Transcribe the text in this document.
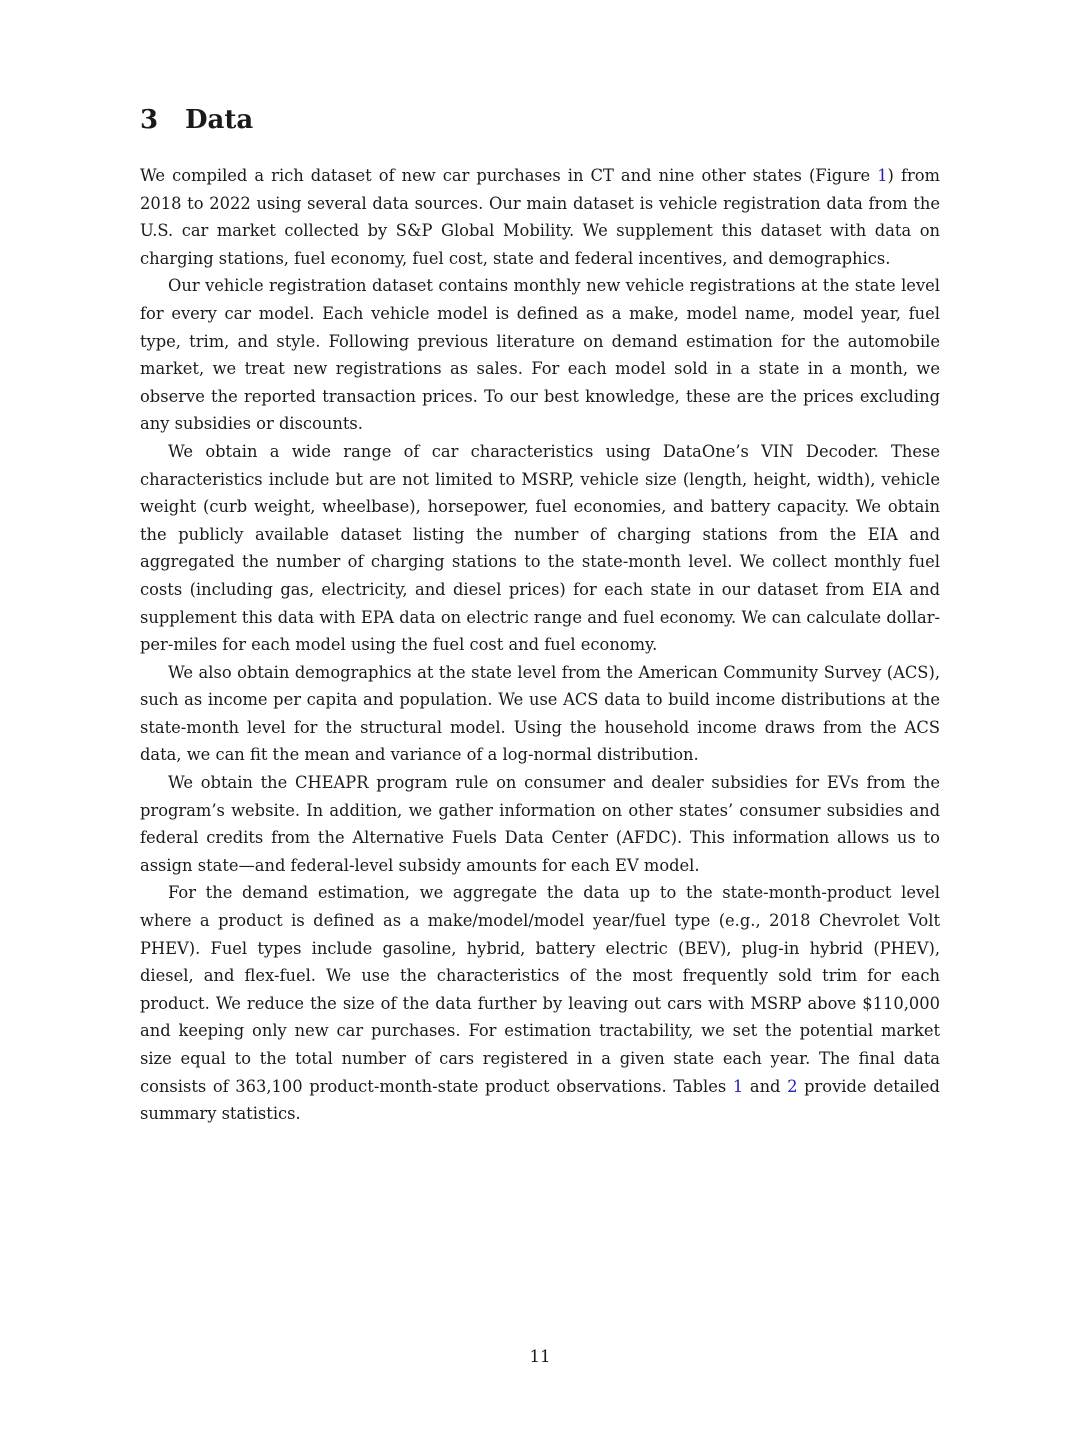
3	Data

We compiled a rich dataset of new car purchases in CT and nine other states (Figure 1) from 2018 to 2022 using several data sources. Our main dataset is vehicle registration data from the U.S. car market collected by S&P Global Mobility. We supplement this dataset with data on charging stations, fuel economy, fuel cost, state and federal incentives, and demographics.

Our vehicle registration dataset contains monthly new vehicle registrations at the state level for every car model. Each vehicle model is defined as a make, model name, model year, fuel type, trim, and style. Following previous literature on demand estimation for the automobile market, we treat new registrations as sales. For each model sold in a state in a month, we observe the reported transaction prices. To our best knowledge, these are the prices excluding any subsidies or discounts.

We obtain a wide range of car characteristics using DataOne’s VIN Decoder. These characteristics include but are not limited to MSRP, vehicle size (length, height, width), vehicle weight (curb weight, wheelbase), horsepower, fuel economies, and battery capacity. We obtain the publicly available dataset listing the number of charging stations from the EIA and aggregated the number of charging stations to the state-month level. We collect monthly fuel costs (including gas, electricity, and diesel prices) for each state in our dataset from EIA and supplement this data with EPA data on electric range and fuel economy. We can calculate dollar-per-miles for each model using the fuel cost and fuel economy.

We also obtain demographics at the state level from the American Community Survey (ACS), such as income per capita and population. We use ACS data to build income distributions at the state-month level for the structural model. Using the household income draws from the ACS data, we can fit the mean and variance of a log-normal distribution.

We obtain the CHEAPR program rule on consumer and dealer subsidies for EVs from the program’s website. In addition, we gather information on other states’ consumer subsidies and federal credits from the Alternative Fuels Data Center (AFDC). This information allows us to assign state—and federal-level subsidy amounts for each EV model.

For the demand estimation, we aggregate the data up to the state-month-product level where a product is defined as a make/model/model year/fuel type (e.g., 2018 Chevrolet Volt PHEV). Fuel types include gasoline, hybrid, battery electric (BEV), plug-in hybrid (PHEV), diesel, and flex-fuel. We use the characteristics of the most frequently sold trim for each product. We reduce the size of the data further by leaving out cars with MSRP above $110,000 and keeping only new car purchases. For estimation tractability, we set the potential market size equal to the total number of cars registered in a given state each year. The final data consists of 363,100 product-month-state product observations. Tables 1 and 2 provide detailed summary statistics.

11
